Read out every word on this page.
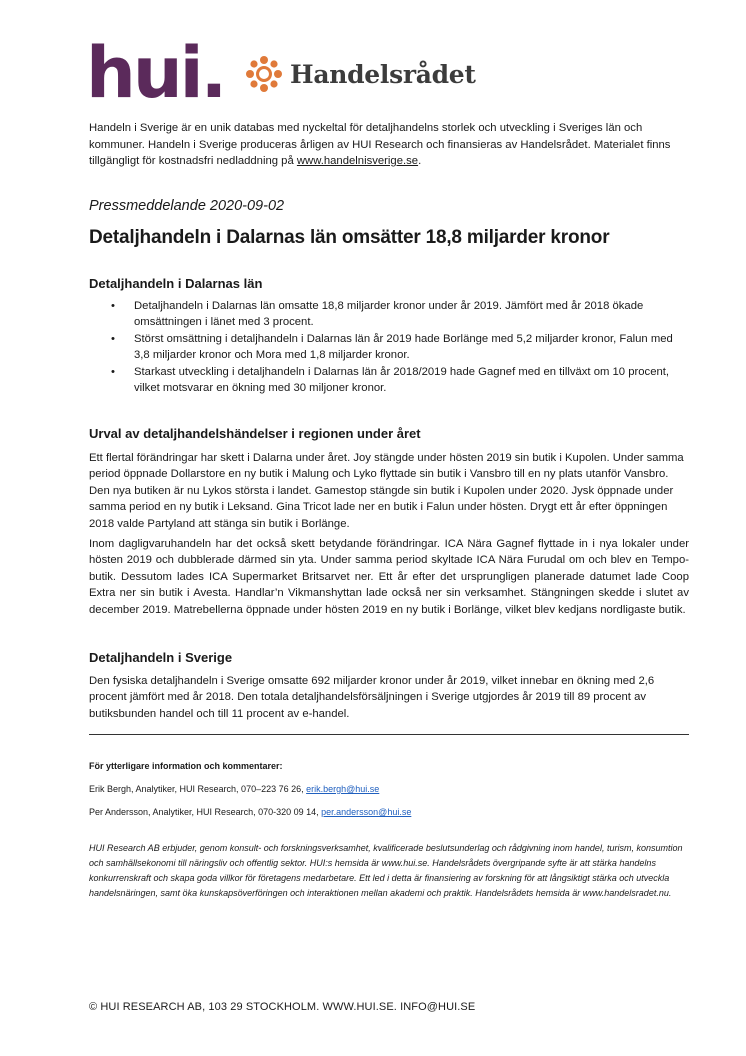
hui.	Handelsrådet
Handeln i Sverige är en unik databas med nyckeltal för detaljhandelns storlek och utveckling i Sveriges län och kommuner. Handeln i Sverige produceras årligen av HUI Research och finansieras av Handelsrådet. Materialet finns tillgängligt för kostnadsfri nedladdning på www.handelnisverige.se.
Pressmeddelande 2020-09-02
Detaljhandeln i Dalarnas län omsätter 18,8 miljarder kronor
Detaljhandeln i Dalarnas län
• Detaljhandeln i Dalarnas län omsatte 18,8 miljarder kronor under år 2019. Jämfört med år 2018 ökade omsättningen i länet med 3 procent.
• Störst omsättning i detaljhandeln i Dalarnas län år 2019 hade Borlänge med 5,2 miljarder kronor, Falun med 3,8 miljarder kronor och Mora med 1,8 miljarder kronor.
• Starkast utveckling i detaljhandeln i Dalarnas län år 2018/2019 hade Gagnef med en tillväxt om 10 procent, vilket motsvarar en ökning med 30 miljoner kronor.
Urval av detaljhandelshändelser i regionen under året
Ett flertal förändringar har skett i Dalarna under året. Joy stängde under hösten 2019 sin butik i Kupolen. Under samma period öppnade Dollarstore en ny butik i Malung och Lyko flyttade sin butik i Vansbro till en ny plats utanför Vansbro. Den nya butiken är nu Lykos största i landet. Gamestop stängde sin butik i Kupolen under 2020. Jysk öppnade under samma period en ny butik i Leksand. Gina Tricot lade ner en butik i Falun under hösten. Drygt ett år efter öppningen 2018 valde Partyland att stänga sin butik i Borlänge.
Inom dagligvaruhandeln har det också skett betydande förändringar. ICA Nära Gagnef flyttade in i nya lokaler under hösten 2019 och dubblerade därmed sin yta. Under samma period skyltade ICA Nära Furudal om och blev en Tempo-butik. Dessutom lades ICA Supermarket Britsarvet ner. Ett år efter det ursprungligen planerade datumet lade Coop Extra ner sin butik i Avesta. Handlar’n Vikmanshyttan lade också ner sin verksamhet. Stängningen skedde i slutet av december 2019. Matrebellerna öppnade under hösten 2019 en ny butik i Borlänge, vilket blev kedjans nordligaste butik.
Detaljhandeln i Sverige
Den fysiska detaljhandeln i Sverige omsatte 692 miljarder kronor under år 2019, vilket innebar en ökning med 2,6 procent jämfört med år 2018. Den totala detaljhandelsförsäljningen i Sverige utgjordes år 2019 till 89 procent av butiksbunden handel och till 11 procent av e-handel.
För ytterligare information och kommentarer:
Erik Bergh, Analytiker, HUI Research, 070–223 76 26, erik.bergh@hui.se
Per Andersson, Analytiker, HUI Research, 070-320 09 14, per.andersson@hui.se
HUI Research AB erbjuder, genom konsult- och forskningsverksamhet, kvalificerade beslutsunderlag och rådgivning inom handel, turism, konsumtion och samhällsekonomi till näringsliv och offentlig sektor. HUI:s hemsida är www.hui.se. Handelsrådets övergripande syfte är att stärka handelns konkurrenskraft och skapa goda villkor för företagens medarbetare. Ett led i detta är finansiering av forskning för att långsiktigt stärka och utveckla handelsnäringen, samt öka kunskapsöverföringen och interaktionen mellan akademi och praktik. Handelsrådets hemsida är www.handelsradet.nu.
© HUI RESEARCH AB, 103 29 STOCKHOLM. WWW.HUI.SE. INFO@HUI.SE
